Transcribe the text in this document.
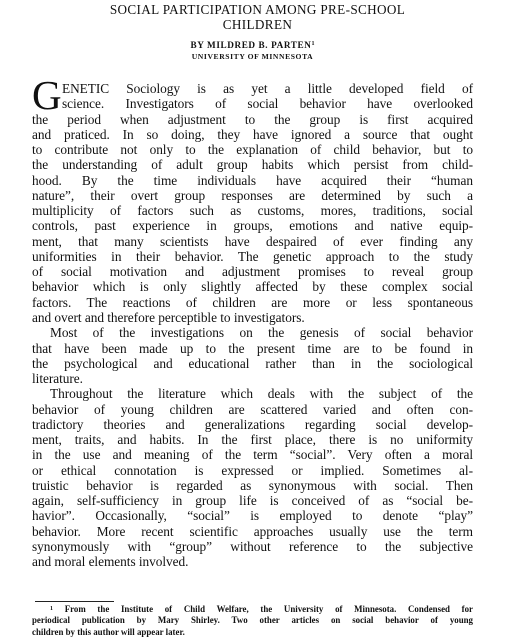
SOCIAL PARTICIPATION AMONG PRE-SCHOOL
CHILDREN
BY MILDRED B. PARTEN$^1$
UNIVERSITY OF MINNESOTA
G ENETIC Sociology is as yet a little developed field of
science. Investigators of social behavior have overlooked
the period when adjustment to the group is first acquired
and praticed. In so doing, they have ignored a source that ought
to contribute not only to the explanation of child behavior, but to
the understanding of adult group habits which persist from child-
hood. By the time individuals have acquired their “human
nature”, their overt group responses are determined by such a
multiplicity of factors such as customs, mores, traditions, social
controls, past experience in groups, emotions and native equip-
ment, that many scientists have despaired of ever finding any
uniformities in their behavior. The genetic approach to the study
of social motivation and adjustment promises to reveal group
behavior which is only slightly affected by these complex social
factors. The reactions of children are more or less spontaneous
and overt and therefore perceptible to investigators.
Most of the investigations on the genesis of social behavior
that have been made up to the present time are to be found in
the psychological and educational rather than in the sociological
literature.
Throughout the literature which deals with the subject of the
behavior of young children are scattered varied and often con-
tradictory theories and generalizations regarding social develop-
ment, traits, and habits. In the first place, there is no uniformity
in the use and meaning of the term “social”. Very often a moral
or ethical connotation is expressed or implied. Sometimes al-
truistic behavior is regarded as synonymous with social. Then
again, self-sufficiency in group life is conceived of as “social be-
havior”. Occasionally, “social” is employed to denote “play”
behavior. More recent scientific approaches usually use the term
synonymously with “group” without reference to the subjective
and moral elements involved.
$^1$ From the Institute of Child Welfare, the University of Minnesota. Condensed for
periodical publication by Mary Shirley. Two other articles on social behavior of young
children by this author will appear later.
